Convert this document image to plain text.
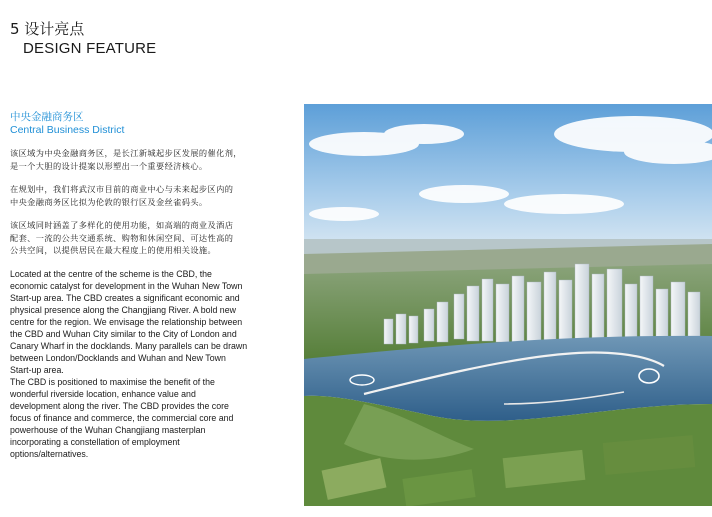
5 设计亮点

DESIGN FEATURE

中央金融商务区

Central Business District

该区域为中央金融商务区，是长江新城起步区发展的催化剂，
是一个大胆的设计提案以形塑出一个重要经济核心。

在规划中，我们将武汉市目前的商业中心与未来起步区内的
中央金融商务区比拟为伦敦的银行区及金丝雀码头。

该区域同时涵盖了多样化的使用功能，如高端的商业及酒店
配套、一流的公共交通系统、购物和休闲空间、可达性高的
公共空间，以提供居民在最大程度上的使用相关设施。

Located at the centre of the scheme is the CBD, the
economic catalyst for development in the Wuhan New Town
Start-up area. The CBD creates a significant economic and
physical presence along the Changjiang River. A bold new
centre for the region. We envisage the relationship between
the CBD and Wuhan City similar to the City of London and
Canary Wharf in the docklands. Many parallels can be drawn
between London/Docklands and Wuhan and New Town
Start-up area.
The CBD is positioned to maximise the benefit of the
wonderful riverside location, enhance value and
development along the river. The CBD provides the core
focus of finance and commerce, the commercial core and
powerhouse of the Wuhan Changjiang masterplan
incorporating a constellation of employment
options/alternatives.
